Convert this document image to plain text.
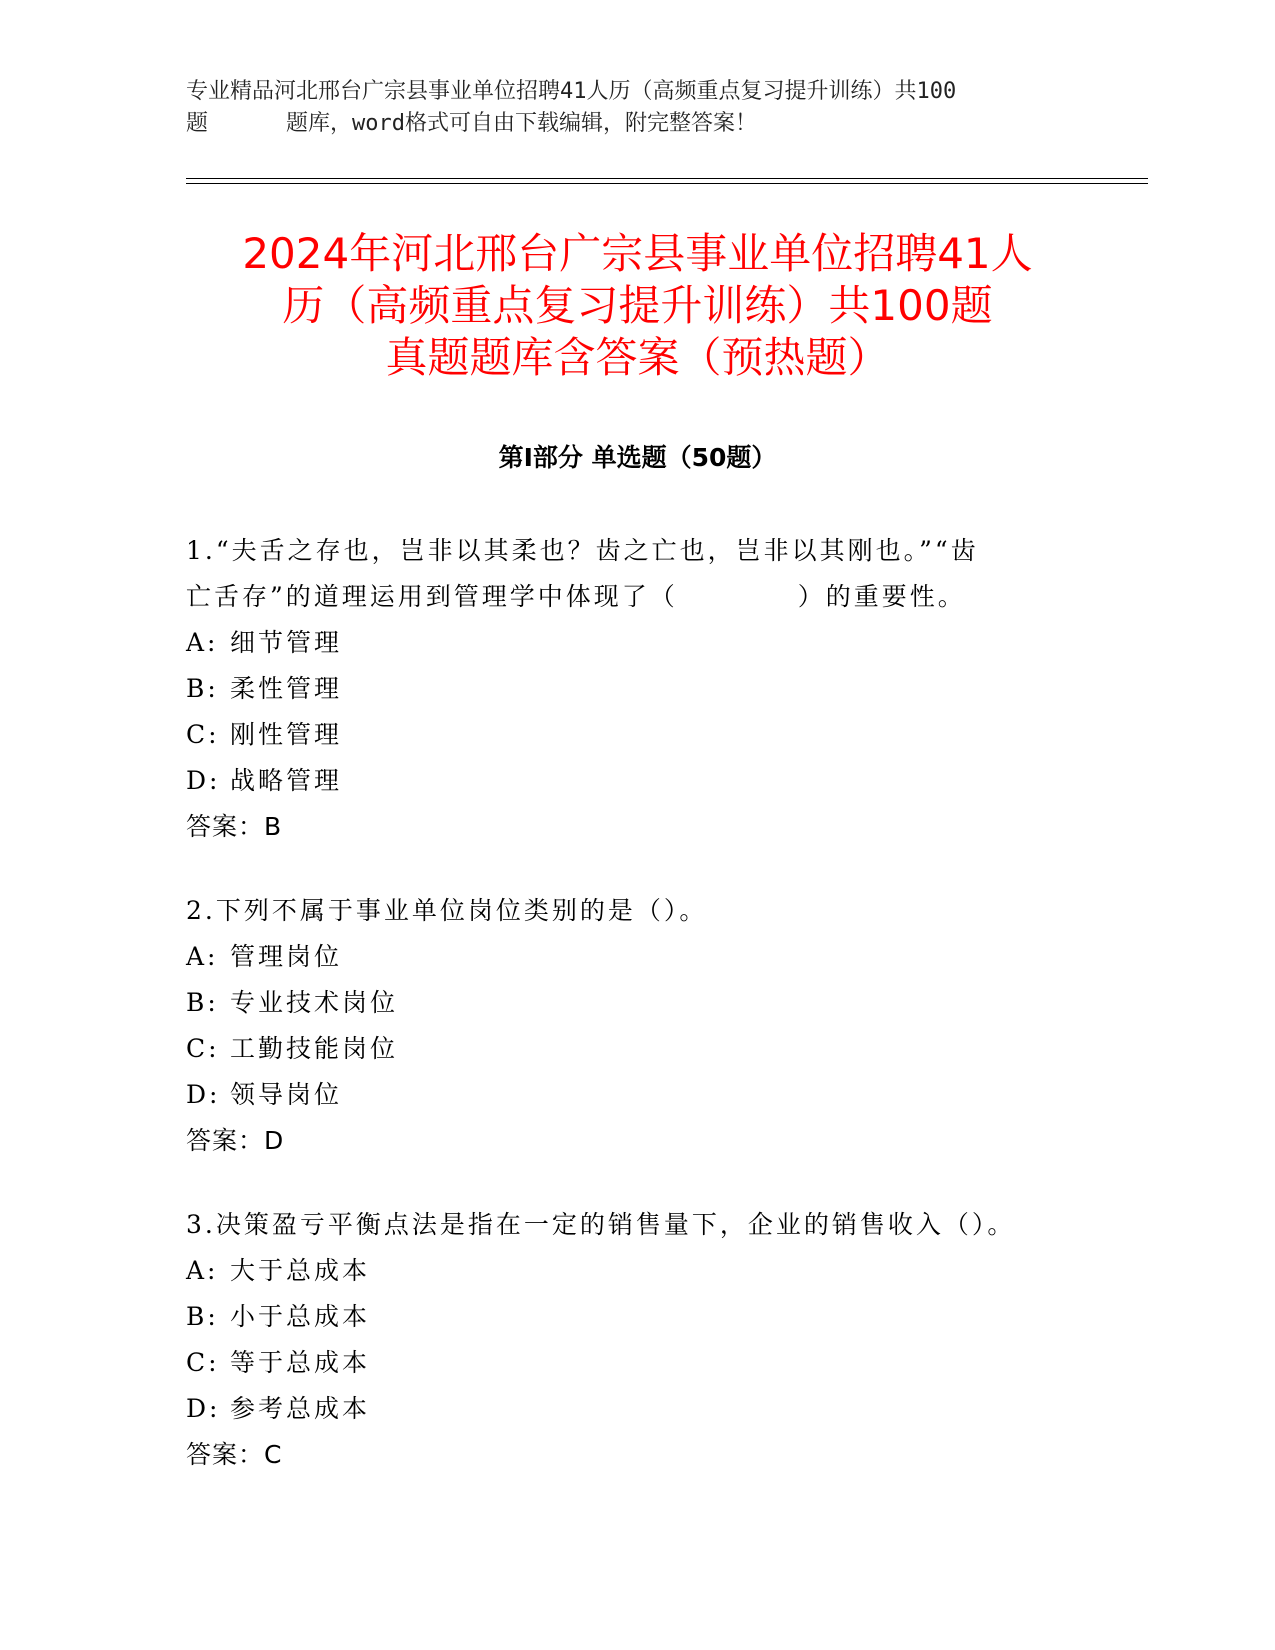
专业精品河北邢台广宗县事业单位招聘41人历（高频重点复习提升训练）共100
题	题库，word格式可自由下载编辑，附完整答案！
2024年河北邢台广宗县事业单位招聘41人
历（高频重点复习提升训练）共100题
真题题库含答案（预热题）
第Ⅰ部分 单选题（50题）
1.“夫舌之存也，岂非以其柔也？齿之亡也，岂非以其刚也。”“齿
亡舌存”的道理运用到管理学中体现了（	）的重要性。
A: 细节管理
B: 柔性管理
C: 刚性管理
D: 战略管理
答案：B
2.下列不属于事业单位岗位类别的是（）。
A: 管理岗位
B: 专业技术岗位
C: 工勤技能岗位
D: 领导岗位
答案：D
3.决策盈亏平衡点法是指在一定的销售量下，企业的销售收入（）。
A: 大于总成本
B: 小于总成本
C: 等于总成本
D: 参考总成本
答案：C
